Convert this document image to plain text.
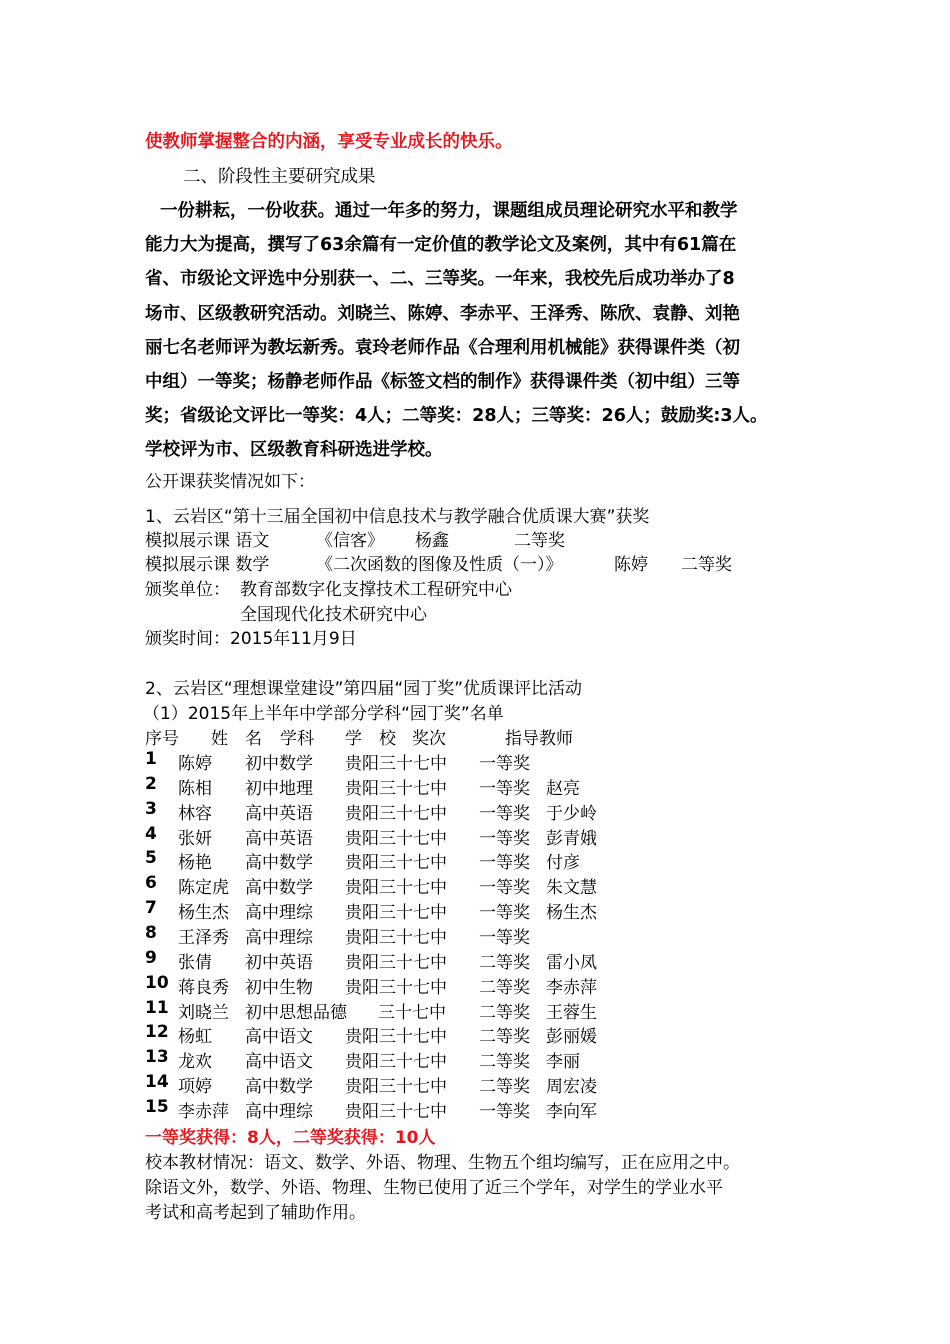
使教师掌握整合的内涵，享受专业成长的快乐。
二、阶段性主要研究成果
一份耕耘，一份收获。通过一年多的努力，课题组成员理论研究水平和教学
能力大为提高，撰写了63余篇有一定价值的教学论文及案例，其中有61篇在
省、市级论文评选中分别获一、二、三等奖。一年来，我校先后成功举办了8
场市、区级教研究活动。刘晓兰、陈婷、李赤平、王泽秀、陈欣、袁静、刘艳
丽七名老师评为教坛新秀。袁玲老师作品《合理利用机械能》获得课件类（初
中组）一等奖；杨静老师作品《标签文档的制作》获得课件类（初中组）三等
奖；省级论文评比一等奖：4人；二等奖：28人；三等奖：26人；鼓励奖:3人。
学校评为市、区级教育科研选进学校。
公开课获奖情况如下：
1、云岩区“第十三届全国初中信息技术与教学融合优质课大赛”获奖
模拟展示课 语文	《信客》 杨鑫	二等奖
模拟展示课 数学	《二次函数的图像及性质（一）》	陈婷 二等奖
颁奖单位： 教育部数字化支撑技术工程研究中心
全国现代化技术研究中心
颁奖时间：2015年11月9日
2、云岩区“理想课堂建设”第四届“园丁奖”优质课评比活动
（1）2015年上半年中学部分学科“园丁奖”名单
序号 姓　名 学科 学　校 奖次	指导教师
1 陈婷 初中数学 贵阳三十七中 一等奖
2 陈相 初中地理 贵阳三十七中 一等奖 赵亮
3 林容 高中英语 贵阳三十七中 一等奖 于少岭
4 张妍 高中英语 贵阳三十七中 一等奖 彭青娥
5 杨艳 高中数学 贵阳三十七中 一等奖 付彦
6 陈定虎 高中数学 贵阳三十七中 一等奖 朱文慧
7 杨生杰 高中理综 贵阳三十七中 一等奖 杨生杰
8 王泽秀 高中理综 贵阳三十七中 一等奖
9 张倩 初中英语 贵阳三十七中 二等奖 雷小凤
10 蒋良秀 初中生物 贵阳三十七中 二等奖 李赤萍
11 刘晓兰 初中思想品德 三十七中 二等奖 王蓉生
12 杨虹 高中语文 贵阳三十七中 二等奖 彭丽媛
13 龙欢 高中语文 贵阳三十七中 二等奖 李丽
14 项婷 高中数学 贵阳三十七中 二等奖 周宏凌
15 李赤萍 高中理综 贵阳三十七中 一等奖 李向军
一等奖获得：8人，二等奖获得：10人
校本教材情况：语文、数学、外语、物理、生物五个组均编写，正在应用之中。
除语文外，数学、外语、物理、生物已使用了近三个学年，对学生的学业水平
考试和高考起到了辅助作用。
